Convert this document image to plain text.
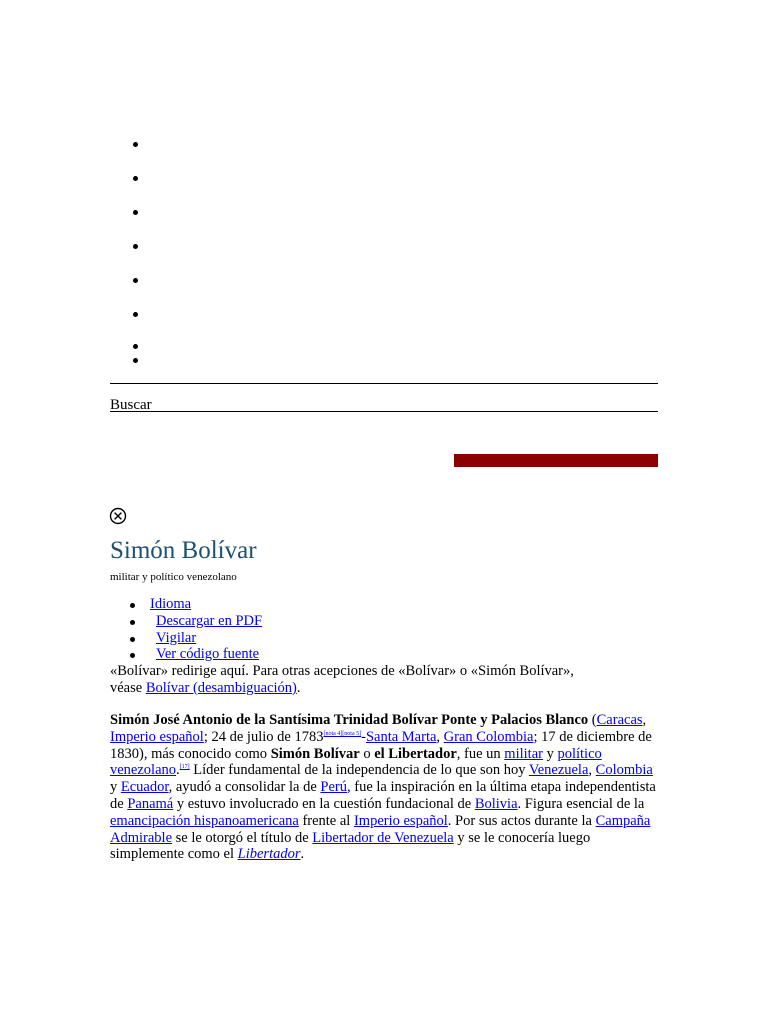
Buscar
Simón Bolívar
militar y político venezolano
Idioma
Descargar en PDF
Vigilar
Ver código fuente

«Bolívar» redirige aquí. Para otras acepciones de «Bolívar» o «Simón Bolívar»,
véase Bolívar (desambiguación).

Simón José Antonio de la Santísima Trinidad Bolívar Ponte y Palacios Blanco (Caracas, Imperio español; 24 de julio de 1783[nota 4][nota 5]-Santa Marta, Gran Colombia; 17 de diciembre de 1830), más conocido como Simón Bolívar o el Libertador, fue un militar y político venezolano.[17] Líder fundamental de la independencia de lo que son hoy Venezuela, Colombia y Ecuador, ayudó a consolidar la de Perú, fue la inspiración en la última etapa independentista de Panamá y estuvo involucrado en la cuestión fundacional de Bolivia. Figura esencial de la emancipación hispanoamericana frente al Imperio español. Por sus actos durante la Campaña Admirable se le otorgó el título de Libertador de Venezuela y se le conocería luego simplemente como el Libertador.
